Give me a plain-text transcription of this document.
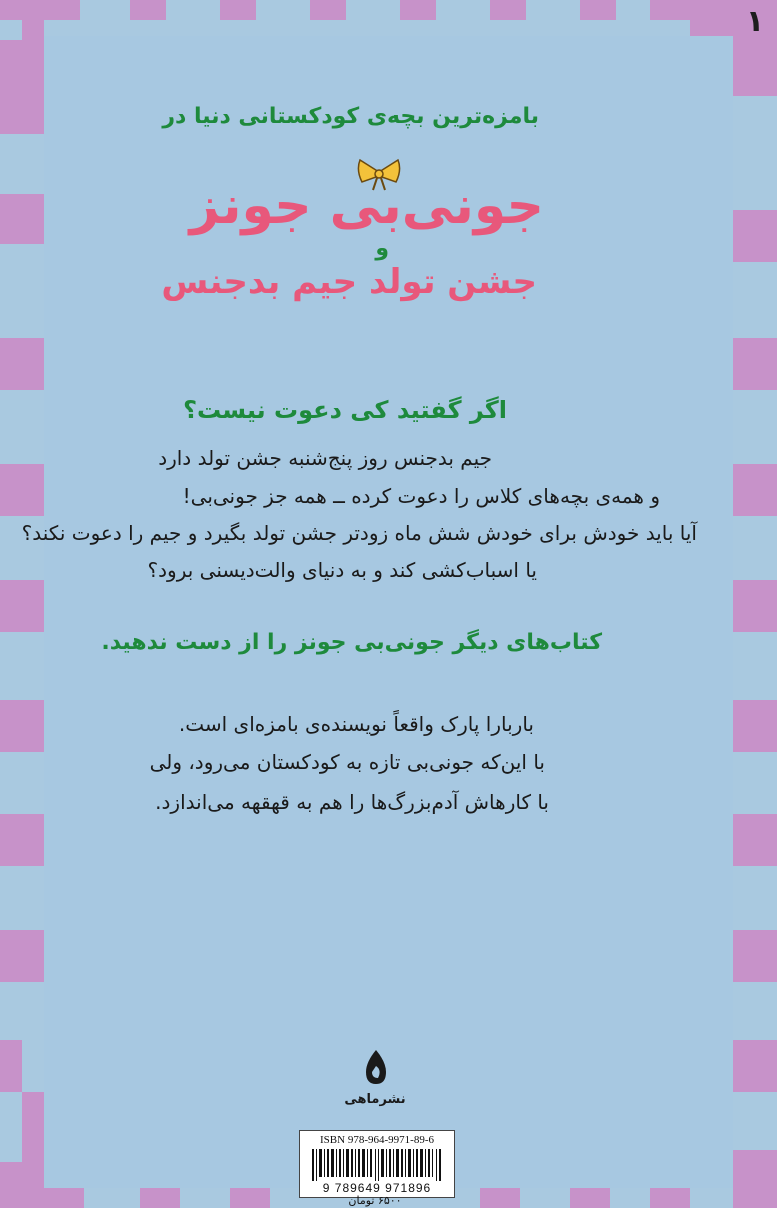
۱
بامزه‌ترین بچه‌ی کودکستانی دنیا در
جونی‌بی جونز
و
جشن تولد جیم بدجنس
اگر گفتید کی دعوت نیست؟
جیم بدجنس روز پنج‌شنبه جشن تولد دارد
و همه‌ی بچه‌های کلاس را دعوت کرده ــ همه جز جونی‌بی!
آیا باید خودش برای خودش شش ماه زودتر جشن تولد بگیرد و جیم را دعوت نکند؟
یا اسباب‌کشی کند و به دنیای والت‌دیسنی برود؟
کتاب‌های دیگر جونی‌بی جونز را از دست ندهید.
باربارا پارک واقعاً نویسنده‌ی بامزه‌ای است.
با این‌که جونی‌بی تازه به کودکستان می‌رود، ولی
با کارهاش آدم‌بزرگ‌ها را هم به قهقهه می‌اندازد.
نشرماهی
ISBN 978-964-9971-89-6
9 789649 971896
۶۵۰۰ تومان
